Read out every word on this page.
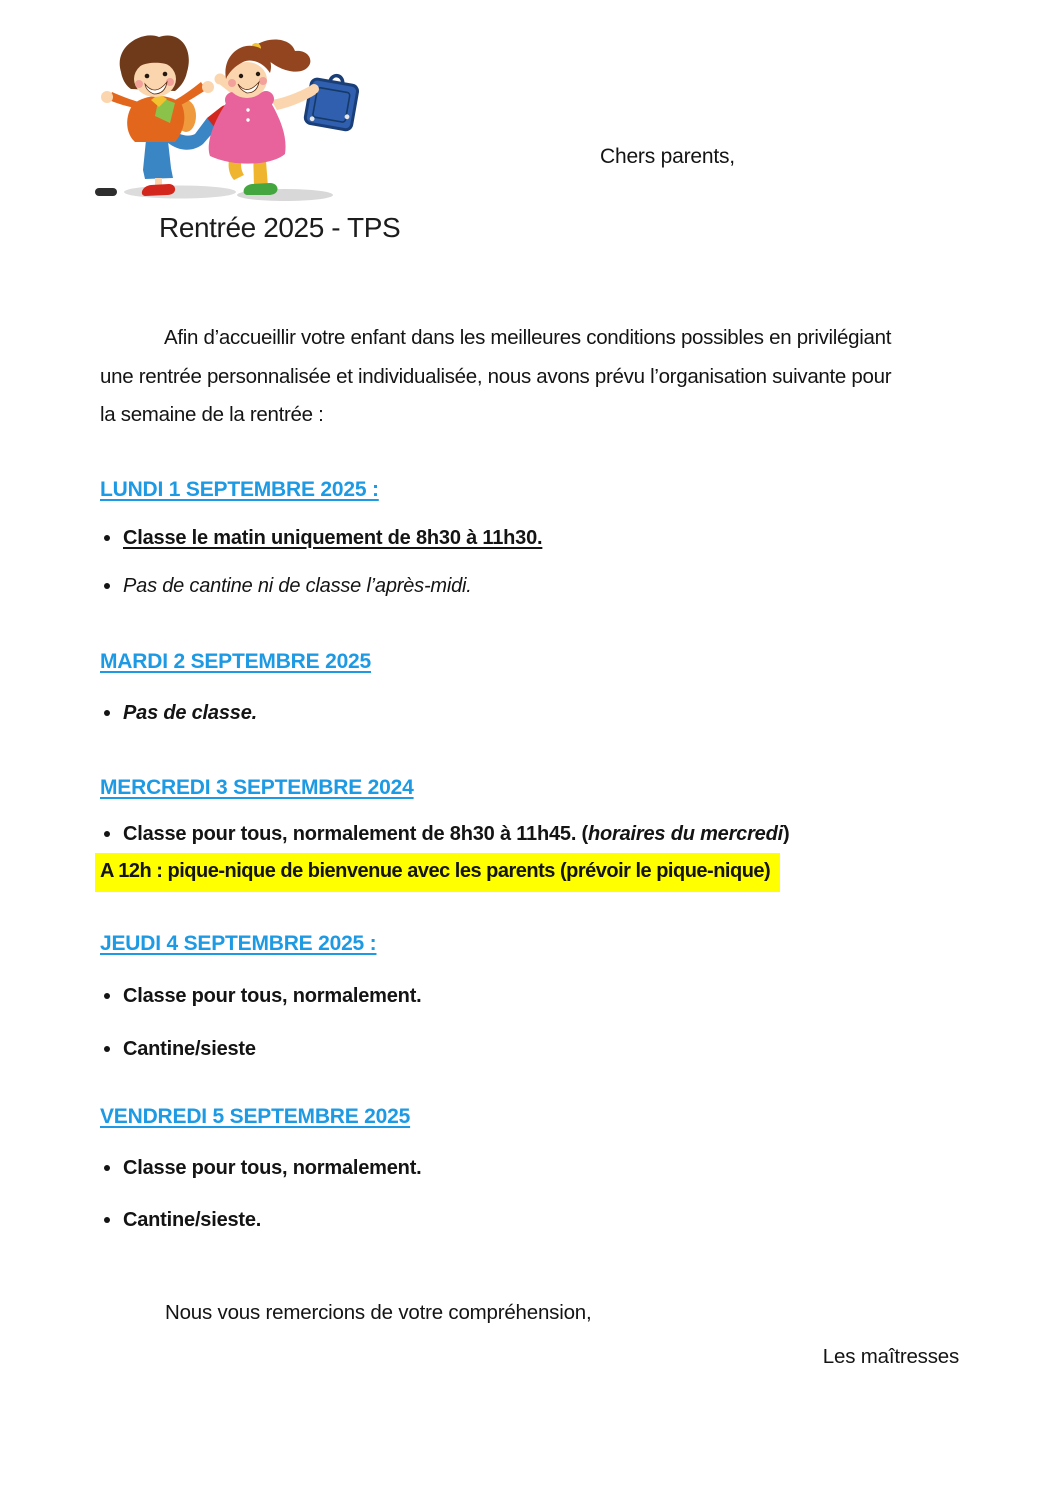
Chers parents,
Rentrée 2025 - TPS
Afin d’accueillir votre enfant dans les meilleures conditions possibles en privilégiant
une rentrée personnalisée et individualisée, nous avons prévu l’organisation suivante pour
la semaine de la rentrée :
LUNDI 1 SEPTEMBRE 2025 :
Classe le matin uniquement de 8h30 à 11h30.
Pas de cantine ni de classe l’après-midi.
MARDI 2 SEPTEMBRE 2025
Pas de classe.
MERCREDI 3 SEPTEMBRE 2024
Classe pour tous, normalement de 8h30 à 11h45. (horaires du mercredi)
A 12h : pique-nique de bienvenue avec les parents (prévoir le pique-nique)
JEUDI 4 SEPTEMBRE 2025 :
Classe pour tous, normalement.
Cantine/sieste
VENDREDI 5 SEPTEMBRE 2025
Classe pour tous, normalement.
Cantine/sieste.
Nous vous remercions de votre compréhension,
Les maîtresses
